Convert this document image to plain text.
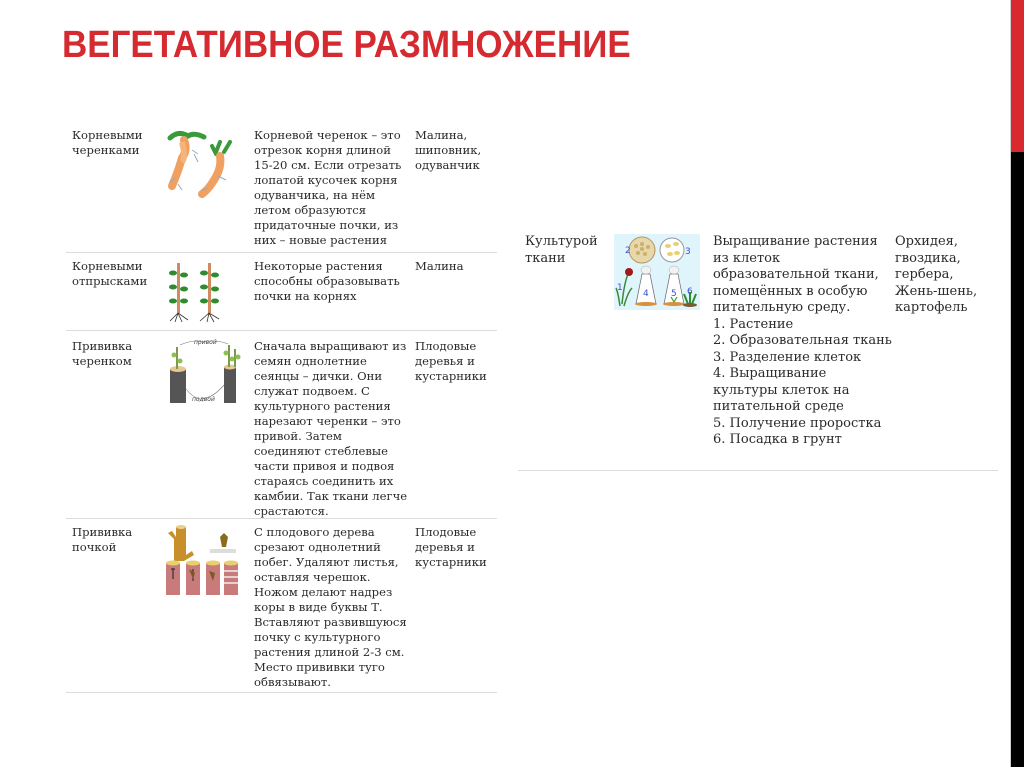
ВЕГЕТАТИВНОЕ РАЗМНОЖЕНИЕ
Корневыми черенками
Корневой черенок – это отрезок корня длиной 15-20 см. Если отрезать лопатой кусочек корня одуванчика, на нём летом образуются придаточные почки, из них – новые растения
Малина, шиповник, одуванчик
Корневыми отпрысками
Некоторые растения способны образовывать почки на корнях
Малина
Прививка черенком
привой
подвой
Сначала выращивают из семян однолетние сеянцы – дички. Они служат подвоем. С культурного растения нарезают черенки – это привой. Затем соединяют стеблевые части привоя и подвоя стараясь соединить их камбии. Так ткани легче срастаются.
Плодовые деревья и кустарники
Прививка почкой
С плодового дерева срезают однолетний побег. Удаляют листья, оставляя черешок. Ножом делают надрез коры в виде буквы Т. Вставляют развившуюся почку с культурного растения длиной 2-3 см. Место прививки туго обвязывают.
Плодовые деревья и кустарники
Культурой ткани
1
2	3
4 5 6
Выращивание растения из клеток образовательной ткани, помещённых в особую питательную среду.
1. Растение
2. Образовательная ткань
3. Разделение клеток
4. Выращивание культуры клеток на питательной среде
5. Получение проростка
6. Посадка в грунт
Орхидея, гвоздика, гербера, Жень-шень, картофель
